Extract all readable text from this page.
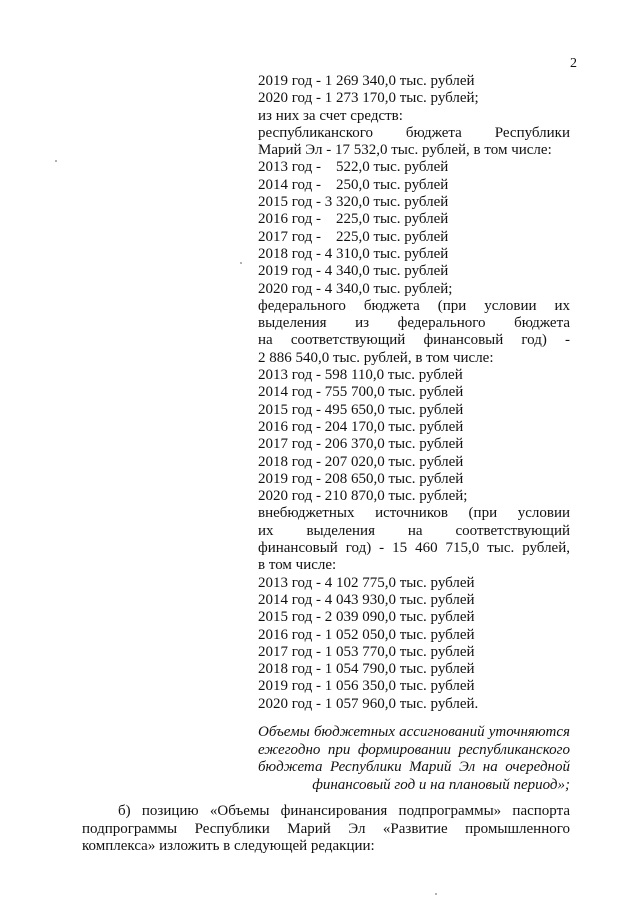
2
2019 год - 1 269 340,0 тыс. рублей
2020 год - 1 273 170,0 тыс. рублей;
из них за счет средств:
республиканского бюджета Республики
Марий Эл - 17 532,0 тыс. рублей, в том числе:
2013 год -    522,0 тыс. рублей
2014 год -    250,0 тыс. рублей
2015 год - 3 320,0 тыс. рублей
2016 год -    225,0 тыс. рублей
2017 год -    225,0 тыс. рублей
2018 год - 4 310,0 тыс. рублей
2019 год - 4 340,0 тыс. рублей
2020 год - 4 340,0 тыс. рублей;
федерального бюджета (при условии их
выделения из федерального бюджета
на соответствующий финансовый год) -
2 886 540,0 тыс. рублей, в том числе:
2013 год - 598 110,0 тыс. рублей
2014 год - 755 700,0 тыс. рублей
2015 год - 495 650,0 тыс. рублей
2016 год - 204 170,0 тыс. рублей
2017 год - 206 370,0 тыс. рублей
2018 год - 207 020,0 тыс. рублей
2019 год - 208 650,0 тыс. рублей
2020 год - 210 870,0 тыс. рублей;
внебюджетных источников (при условии
их выделения на соответствующий
финансовый год) - 15 460 715,0 тыс. рублей,
в том числе:
2013 год - 4 102 775,0 тыс. рублей
2014 год - 4 043 930,0 тыс. рублей
2015 год - 2 039 090,0 тыс. рублей
2016 год - 1 052 050,0 тыс. рублей
2017 год - 1 053 770,0 тыс. рублей
2018 год - 1 054 790,0 тыс. рублей
2019 год - 1 056 350,0 тыс. рублей
2020 год - 1 057 960,0 тыс. рублей.
Объемы бюджетных ассигнований уточняются
ежегодно при формировании республиканского
бюджета Республики Марий Эл на очередной
финансовый год и на плановый период»;
б) позицию «Объемы финансирования подпрограммы» паспорта
подпрограммы Республики Марий Эл «Развитие промышленного
комплекса» изложить в следующей редакции:
